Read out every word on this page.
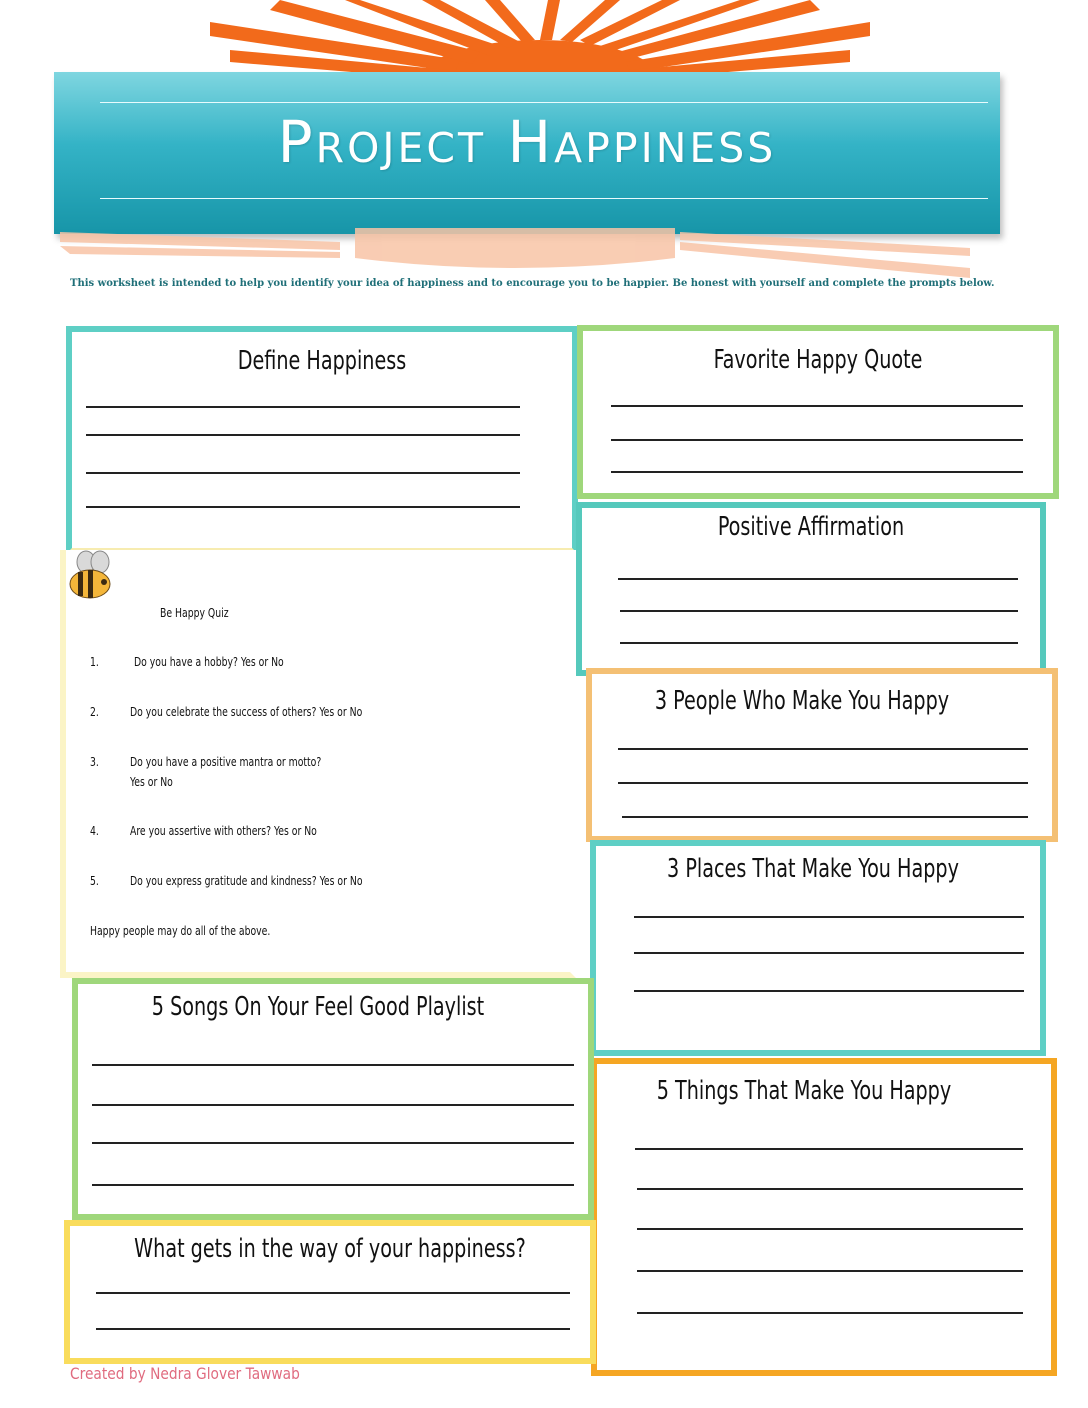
Project Happiness
This worksheet is intended to help you identify your idea of happiness and to encourage you to be happier. Be honest with yourself and complete the prompts below.
Define Happiness	Favorite Happy Quote
Positive Affirmation
3 People Who Make You Happy
3 Places That Make You Happy
5 Things That Make You Happy
Be Happy Quiz
1.	Do you have a hobby? Yes or No
2.	Do you celebrate the success of others? Yes or No
3.	Do you have a positive mantra or motto?
Yes or No
4.	Are you assertive with others? Yes or No
5.	Do you express gratitude and kindness? Yes or No
Happy people may do all of the above.
5 Songs On Your Feel Good Playlist
What gets in the way of your happiness?
Created by Nedra Glover Tawwab
